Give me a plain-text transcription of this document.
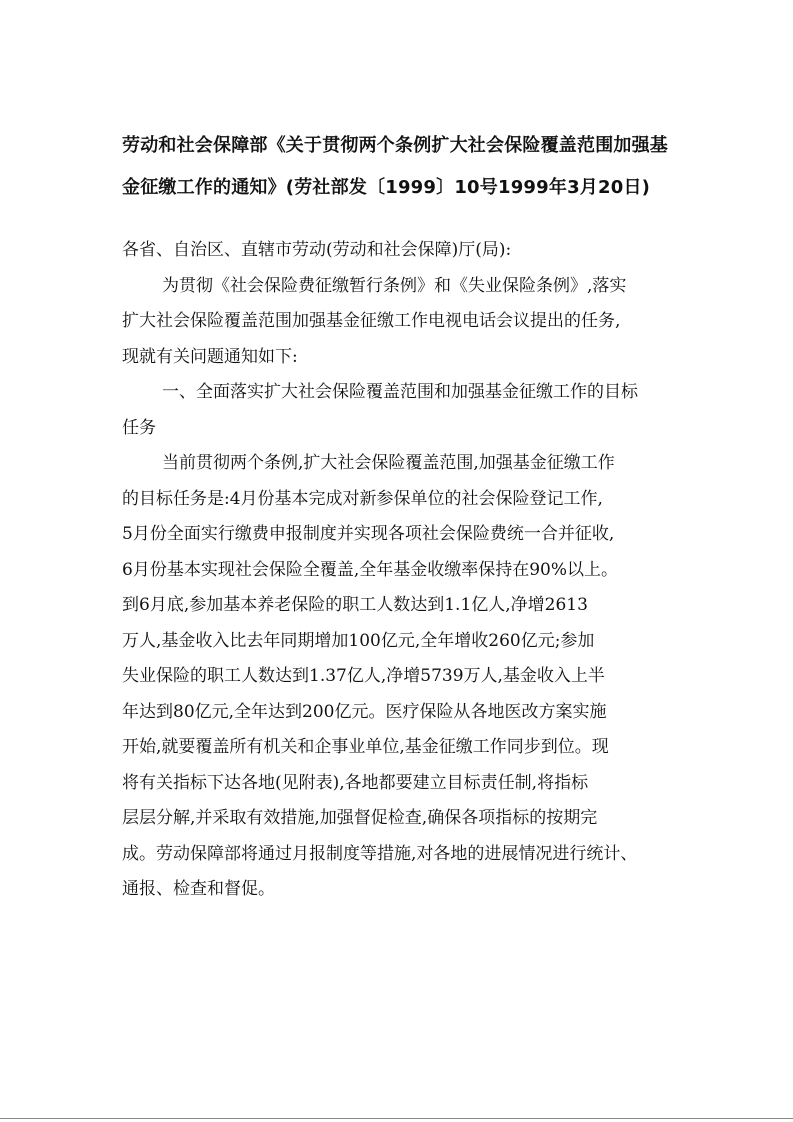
劳动和社会保障部《关于贯彻两个条例扩大社会保险覆盖范围加强基
金征缴工作的通知》(劳社部发〔1999〕10号1999年3月20日)

各省、自治区、直辖市劳动(劳动和社会保障)厅(局):

为贯彻《社会保险费征缴暂行条例》和《失业保险条例》,落实
扩大社会保险覆盖范围加强基金征缴工作电视电话会议提出的任务,
现就有关问题通知如下:

一、全面落实扩大社会保险覆盖范围和加强基金征缴工作的目标
任务

当前贯彻两个条例,扩大社会保险覆盖范围,加强基金征缴工作
的目标任务是:4月份基本完成对新参保单位的社会保险登记工作,
5月份全面实行缴费申报制度并实现各项社会保险费统一合并征收,
6月份基本实现社会保险全覆盖,全年基金收缴率保持在90%以上。
到6月底,参加基本养老保险的职工人数达到1.1亿人,净增2613
万人,基金收入比去年同期增加100亿元,全年增收260亿元;参加
失业保险的职工人数达到1.37亿人,净增5739万人,基金收入上半
年达到80亿元,全年达到200亿元。医疗保险从各地医改方案实施
开始,就要覆盖所有机关和企事业单位,基金征缴工作同步到位。现
将有关指标下达各地(见附表),各地都要建立目标责任制,将指标
层层分解,并采取有效措施,加强督促检查,确保各项指标的按期完
成。劳动保障部将通过月报制度等措施,对各地的进展情况进行统计、
通报、检查和督促。
